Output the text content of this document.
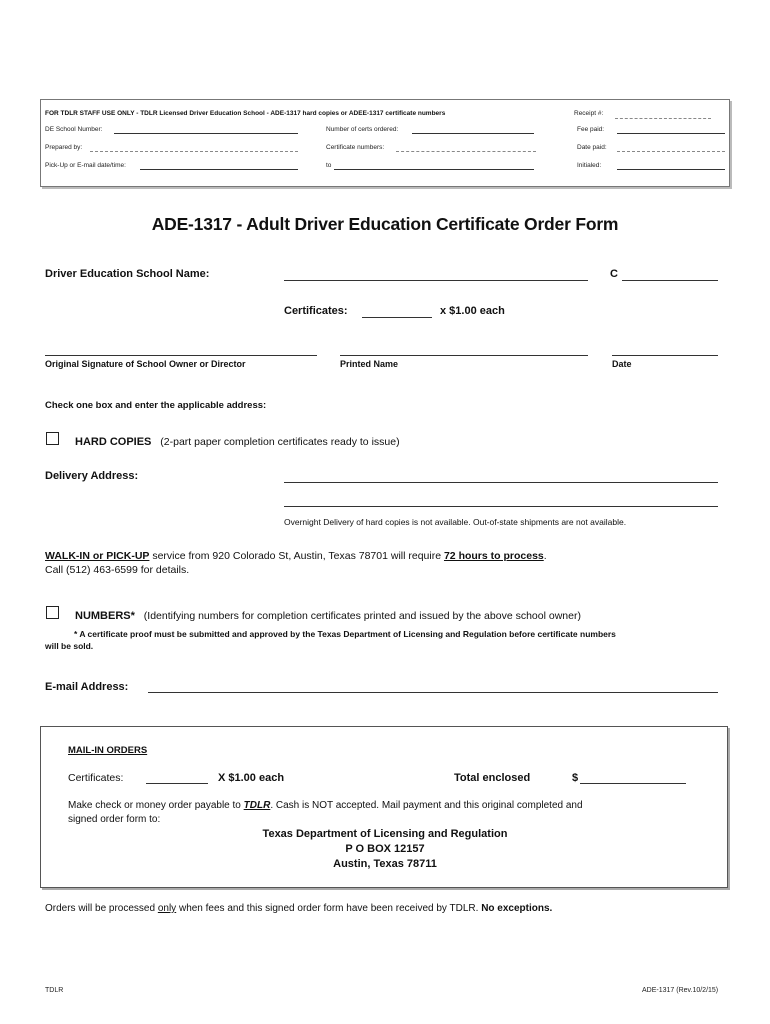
FOR TDLR STAFF USE ONLY - TDLR Licensed Driver Education School - ADE-1317 hard copies or ADEE-1317 certificate numbers	Receipt #:
DE School Number:	Number of certs ordered:	Fee paid:
Prepared by:	Certificate numbers:	Date paid:
Pick-Up or E-mail date/time:	to	Initialed:
ADE-1317 - Adult Driver Education Certificate Order Form
Driver Education School Name:	C
Certificates:	x $1.00 each
Original Signature of School Owner or Director	Printed Name	Date
Check one box and enter the applicable address:
HARD COPIES (2-part paper completion certificates ready to issue)
Delivery Address:
Overnight Delivery of hard copies is not available. Out-of-state shipments are not available.
WALK-IN or PICK-UP service from 920 Colorado St, Austin, Texas 78701 will require 72 hours to process.
Call (512) 463-6599 for details.
NUMBERS* (Identifying numbers for completion certificates printed and issued by the above school owner)
* A certificate proof must be submitted and approved by the Texas Department of Licensing and Regulation before certificate numbers
will be sold.
E-mail Address:
MAIL-IN ORDERS
Certificates:	X $1.00 each	Total enclosed	$
Make check or money order payable to TDLR. Cash is NOT accepted. Mail payment and this original completed and
signed order form to:
Texas Department of Licensing and Regulation
P O BOX 12157
Austin, Texas 78711
Orders will be processed only when fees and this signed order form have been received by TDLR. No exceptions.
TDLR	ADE-1317 (Rev.10/2/15)
